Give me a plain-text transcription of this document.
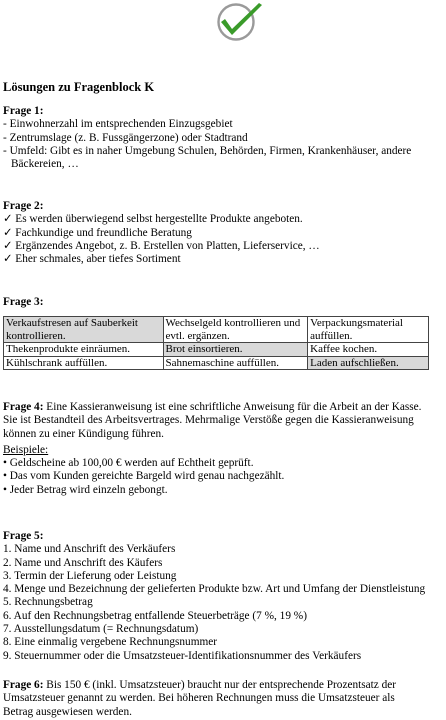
Lösungen zu Fragenblock K
Frage 1:
- Einwohnerzahl im entsprechenden Einzugsgebiet
- Zentrumslage (z. B. Fussgängerzone) oder Stadtrand
- Umfeld: Gibt es in naher Umgebung Schulen, Behörden, Firmen, Krankenhäuser, andere
Bäckereien, …
Frage 2:
✓ Es werden überwiegend selbst hergestellte Produkte angeboten.
✓ Fachkundige und freundliche Beratung
✓ Ergänzendes Angebot, z. B. Erstellen von Platten, Lieferservice, …
✓ Eher schmales, aber tiefes Sortiment
Frage 3:
Verkaufstresen auf Sauberkeit kontrollieren.	Wechselgeld kontrollieren und evtl. ergänzen.	Verpackungsmaterial auffüllen.
Thekenprodukte einräumen.	Brot einsortieren.	Kaffee kochen.
Kühlschrank auffüllen.	Sahnemaschine auffüllen.	Laden aufschließen.
Frage 4: Eine Kassieranweisung ist eine schriftliche Anweisung für die Arbeit an der Kasse.
Sie ist Bestandteil des Arbeitsvertrages. Mehrmalige Verstöße gegen die Kassieranweisung
können zu einer Kündigung führen.
Beispiele:
• Geldscheine ab 100,00 € werden auf Echtheit geprüft.
• Das vom Kunden gereichte Bargeld wird genau nachgezählt.
• Jeder Betrag wird einzeln gebongt.
Frage 5:
1. Name und Anschrift des Verkäufers
2. Name und Anschrift des Käufers
3. Termin der Lieferung oder Leistung
4. Menge und Bezeichnung der gelieferten Produkte bzw. Art und Umfang der Dienstleistung
5. Rechnungsbetrag
6. Auf den Rechnungsbetrag entfallende Steuerbeträge (7 %, 19 %)
7. Ausstellungsdatum (= Rechnungsdatum)
8. Eine einmalig vergebene Rechnungsnummer
9. Steuernummer oder die Umsatzsteuer-Identifikationsnummer des Verkäufers
Frage 6: Bis 150 € (inkl. Umsatzsteuer) braucht nur der entsprechende Prozentsatz der
Umsatzsteuer genannt zu werden. Bei höheren Rechnungen muss die Umsatzsteuer als
Betrag ausgewiesen werden.
